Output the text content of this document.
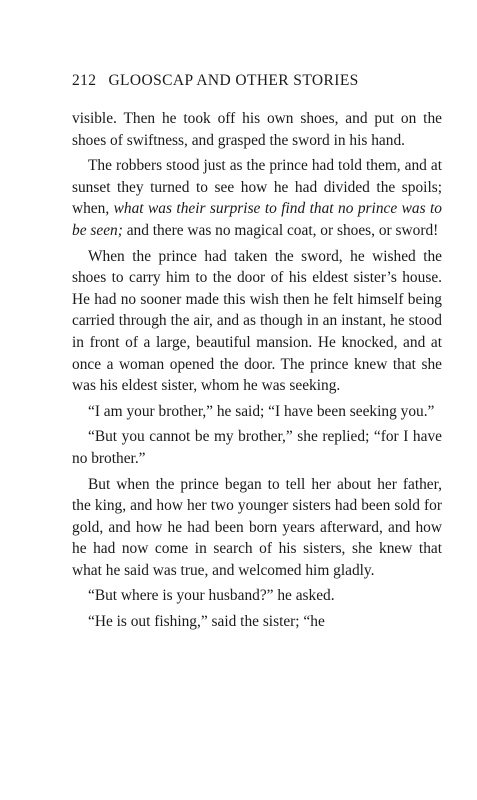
212 GLOOSCAP AND OTHER STORIES

visible. Then he took off his own shoes, and put on the shoes of swiftness, and grasped the sword in his hand.

The robbers stood just as the prince had told them, and at sunset they turned to see how he had divided the spoils; when, what was their surprise to find that no prince was to be seen; and there was no magical coat, or shoes, or sword!

When the prince had taken the sword, he wished the shoes to carry him to the door of his eldest sister’s house. He had no sooner made this wish then he felt himself being carried through the air, and as though in an instant, he stood in front of a large, beautiful mansion. He knocked, and at once a woman opened the door. The prince knew that she was his eldest sister, whom he was seeking.

“I am your brother,” he said; “I have been seeking you.”

“But you cannot be my brother,” she replied; “for I have no brother.”

But when the prince began to tell her about her father, the king, and how her two younger sisters had been sold for gold, and how he had been born years afterward, and how he had now come in search of his sisters, she knew that what he said was true, and welcomed him gladly.

“But where is your husband?” he asked.

“He is out fishing,” said the sister; “he
